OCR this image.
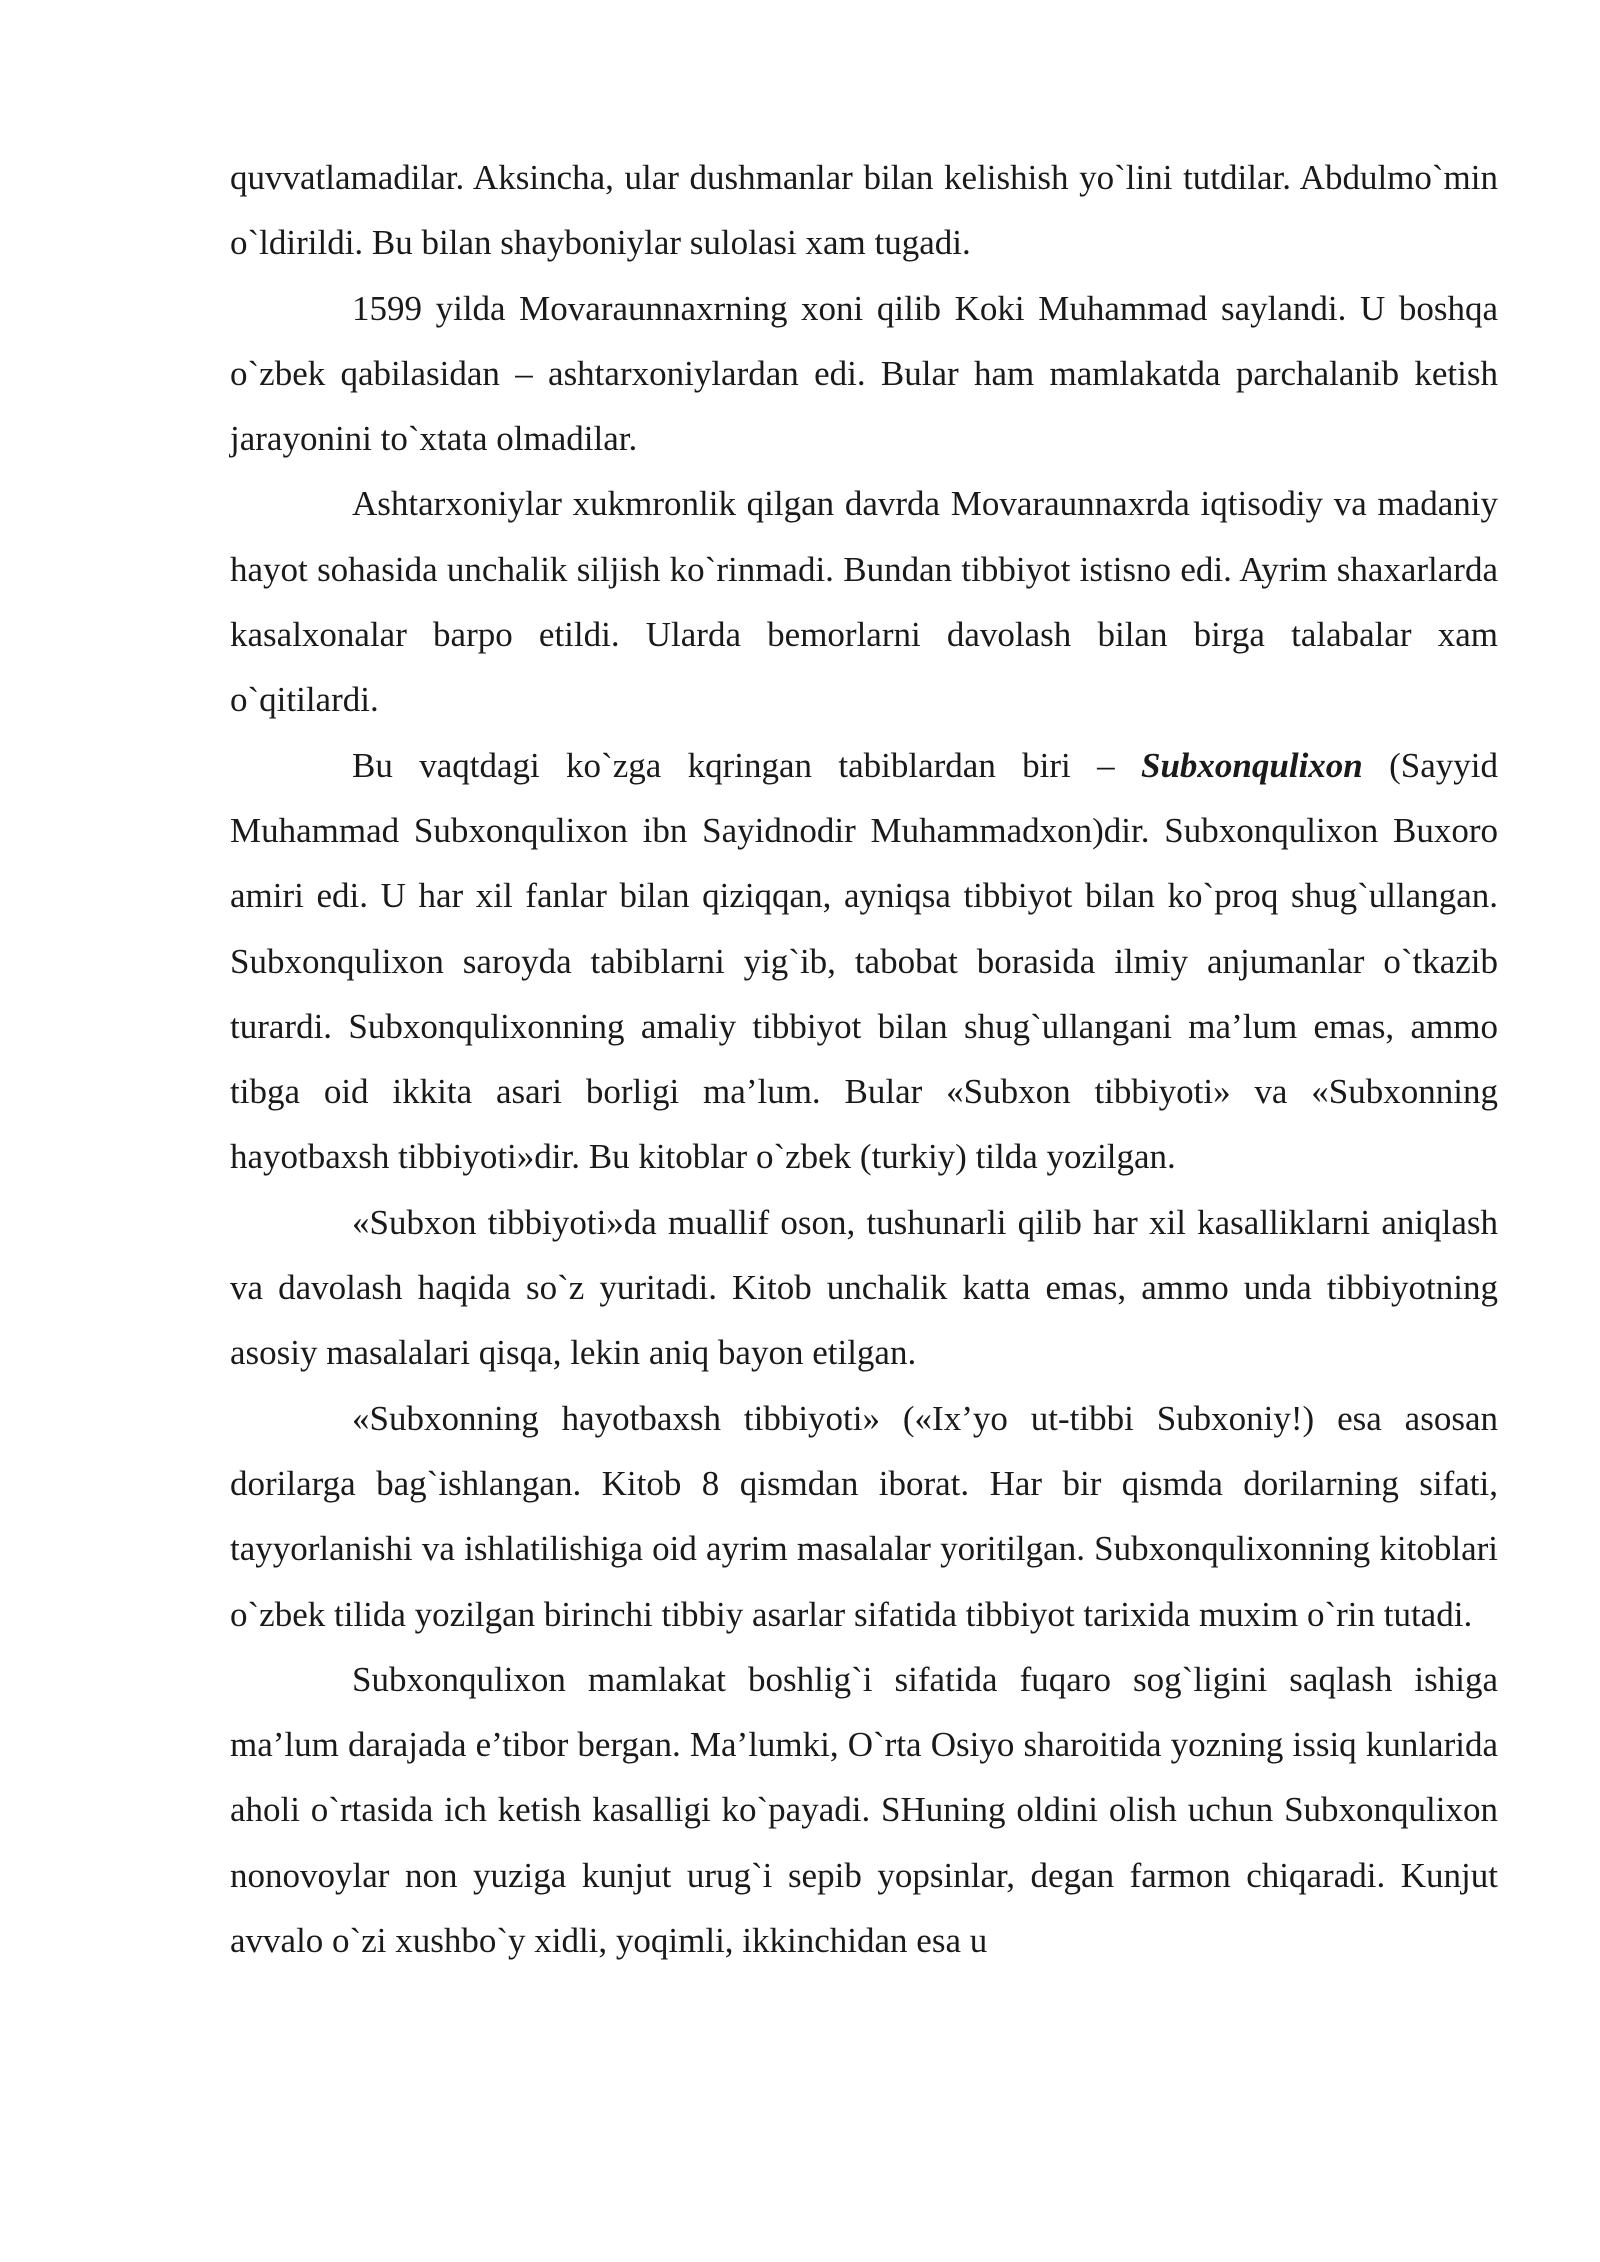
quvvatlamadilar. Aksincha, ular dushmanlar bilan kelishish yo`lini tutdilar. Abdulmo`min o`ldirildi. Bu bilan shayboniylar sulolasi xam tugadi.

1599 yilda Movaraunnaxrning xoni qilib Koki Muhammad saylandi. U boshqa o`zbek qabilasidan – ashtarxoniylardan edi. Bular ham mamlakatda parchalanib ketish jarayonini to`xtata olmadilar.

Ashtarxoniylar xukmronlik qilgan davrda Movaraunnaxrda iqtisodiy va madaniy hayot sohasida unchalik siljish ko`rinmadi. Bundan tibbiyot istisno edi. Ayrim shaxarlarda kasalxonalar barpo etildi. Ularda bemorlarni davolash bilan birga talabalar xam o`qitilardi.

Bu vaqtdagi ko`zga kqringan tabiblardan biri – Subxonqulixon (Sayyid Muhammad Subxonqulixon ibn Sayidnodir Muhammadxon)dir. Subxonqulixon Buxoro amiri edi. U har xil fanlar bilan qiziqqan, ayniqsa tibbiyot bilan ko`proq shug`ullangan. Subxonqulixon saroyda tabiblarni yig`ib, tabobat borasida ilmiy anjumanlar o`tkazib turardi. Subxonqulixonning amaliy tibbiyot bilan shug`ullangani ma’lum emas, ammo tibga oid ikkita asari borligi ma’lum. Bular «Subxon tibbiyoti» va «Subxonning hayotbaxsh tibbiyoti»dir. Bu kitoblar o`zbek (turkiy) tilda yozilgan.

«Subxon tibbiyoti»da muallif oson, tushunarli qilib har xil kasalliklarni aniqlash va davolash haqida so`z yuritadi. Kitob unchalik katta emas, ammo unda tibbiyotning asosiy masalalari qisqa, lekin aniq bayon etilgan.

«Subxonning hayotbaxsh tibbiyoti» («Ix’yo ut-tibbi Subxoniy!) esa asosan dorilarga bag`ishlangan. Kitob 8 qismdan iborat. Har bir qismda dorilarning sifati, tayyorlanishi va ishlatilishiga oid ayrim masalalar yoritilgan. Subxonqulixonning kitoblari o`zbek tilida yozilgan birinchi tibbiy asarlar sifatida tibbiyot tarixida muxim o`rin tutadi.

Subxonqulixon mamlakat boshlig`i sifatida fuqaro sog`ligini saqlash ishiga ma’lum darajada e’tibor bergan. Ma’lumki, O`rta Osiyo sharoitida yozning issiq kunlarida aholi o`rtasida ich ketish kasalligi ko`payadi. SHuning oldini olish uchun Subxonqulixon nonovoylar non yuziga kunjut urug`i sepib yopsinlar, degan farmon chiqaradi. Kunjut avvalo o`zi xushbo`y xidli, yoqimli, ikkinchidan esa u
